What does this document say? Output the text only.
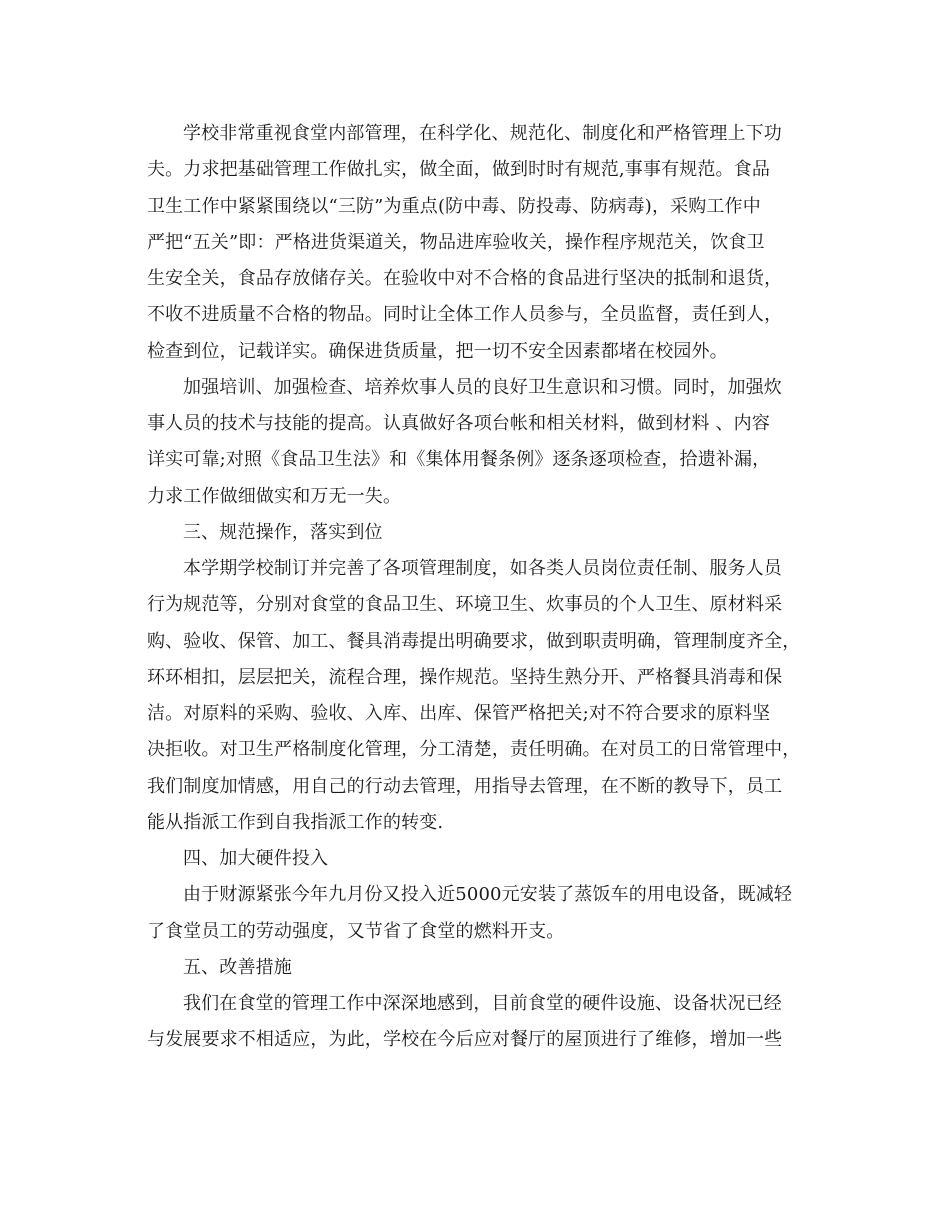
学校非常重视食堂内部管理，在科学化、规范化、制度化和严格管理上下功
夫。力求把基础管理工作做扎实，做全面，做到时时有规范,事事有规范。食品
卫生工作中紧紧围绕以“三防”为重点(防中毒、防投毒、防病毒)，采购工作中
严把“五关”即：严格进货渠道关，物品进库验收关，操作程序规范关，饮食卫
生安全关，食品存放储存关。在验收中对不合格的食品进行坚决的抵制和退货，
不收不进质量不合格的物品。同时让全体工作人员参与，全员监督，责任到人，
检查到位，记载详实。确保进货质量，把一切不安全因素都堵在校园外。
加强培训、加强检查、培养炊事人员的良好卫生意识和习惯。同时，加强炊
事人员的技术与技能的提高。认真做好各项台帐和相关材料，做到材料 、内容
详实可靠;对照《食品卫生法》和《集体用餐条例》逐条逐项检查，拾遗补漏，
力求工作做细做实和万无一失。
三、规范操作，落实到位
本学期学校制订并完善了各项管理制度，如各类人员岗位责任制、服务人员
行为规范等，分别对食堂的食品卫生、环境卫生、炊事员的个人卫生、原材料采
购、验收、保管、加工、餐具消毒提出明确要求，做到职责明确，管理制度齐全，
环环相扣，层层把关，流程合理，操作规范。坚持生熟分开、严格餐具消毒和保
洁。对原料的采购、验收、入库、出库、保管严格把关;对不符合要求的原料坚
决拒收。对卫生严格制度化管理，分工清楚，责任明确。在对员工的日常管理中，
我们制度加情感，用自己的行动去管理，用指导去管理，在不断的教导下，员工
能从指派工作到自我指派工作的转变.
四、加大硬件投入
由于财源紧张今年九月份又投入近5000元安装了蒸饭车的用电设备，既减轻
了食堂员工的劳动强度，又节省了食堂的燃料开支。
五、改善措施
我们在食堂的管理工作中深深地感到，目前食堂的硬件设施、设备状况已经
与发展要求不相适应，为此，学校在今后应对餐厅的屋顶进行了维修，增加一些
